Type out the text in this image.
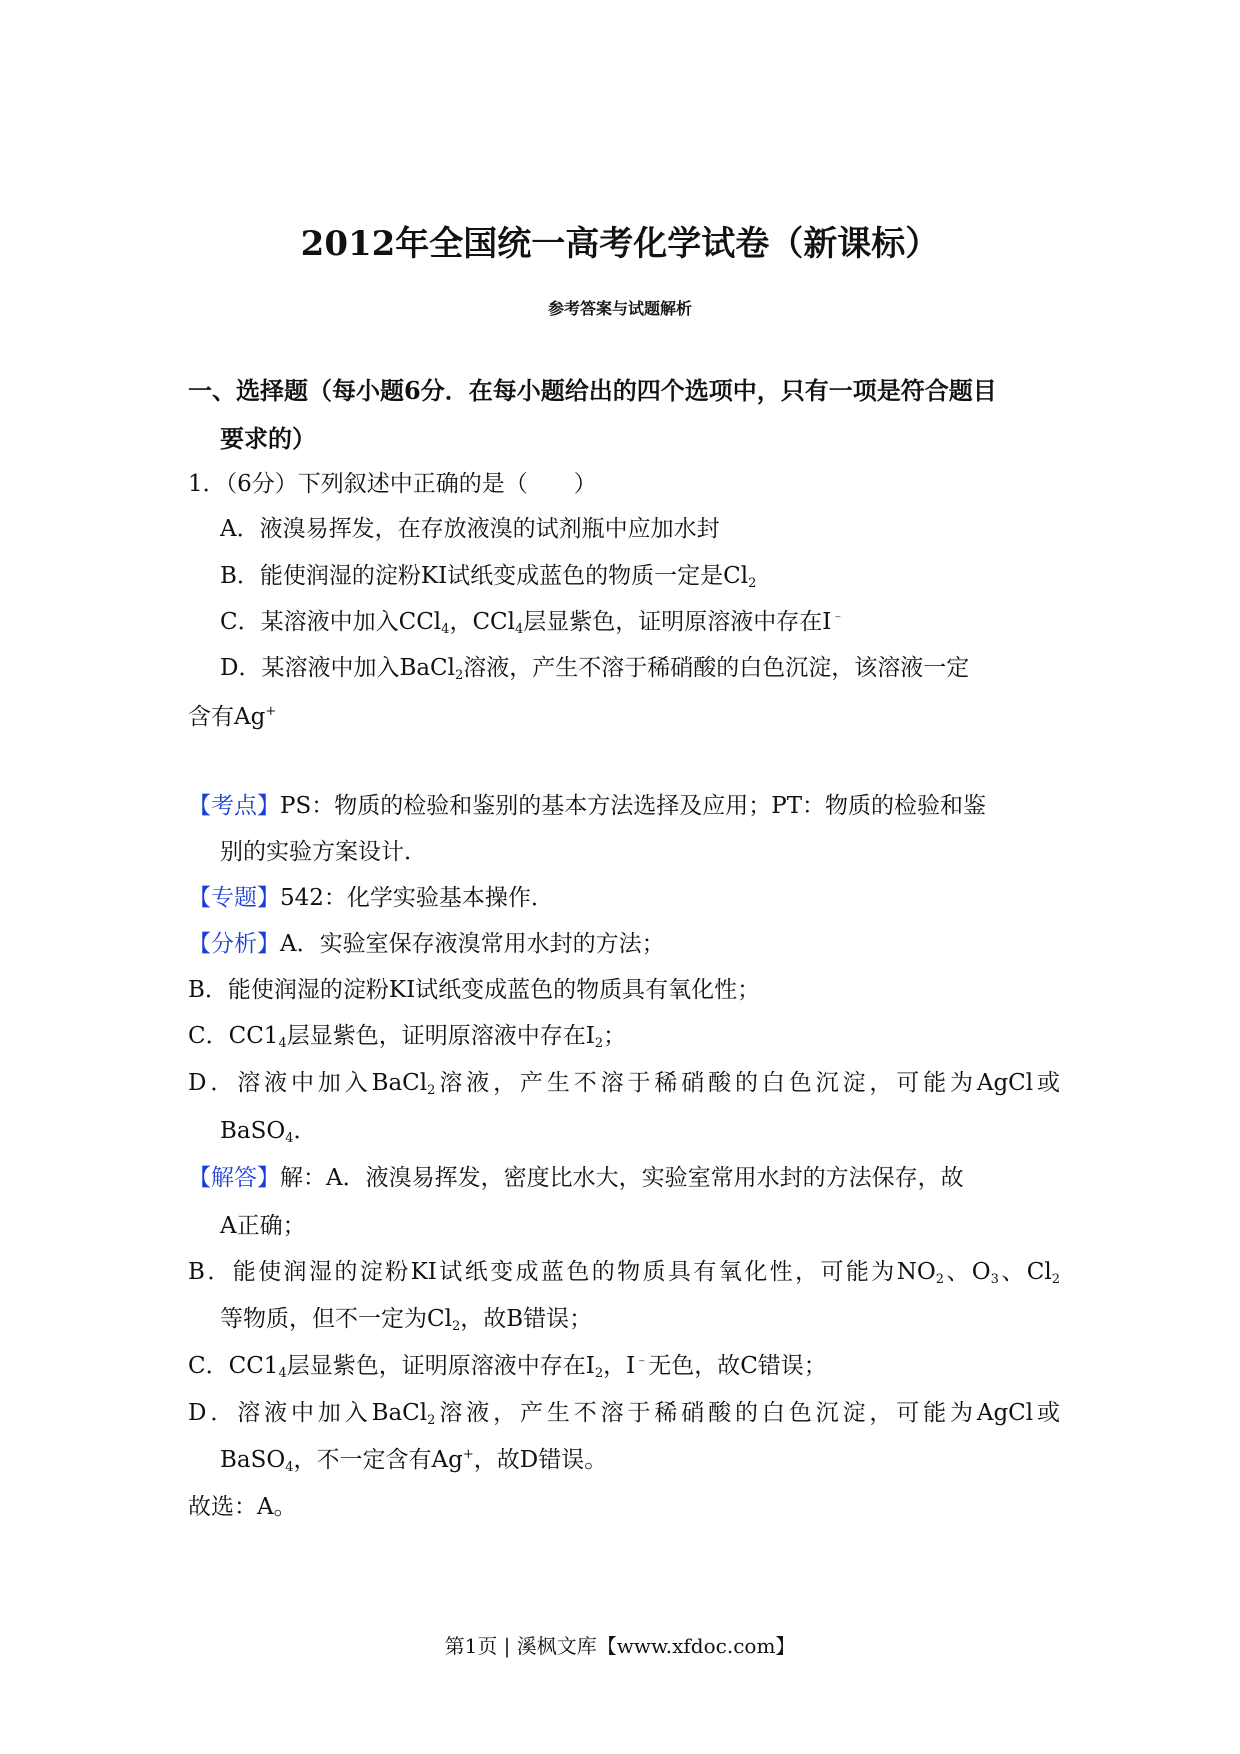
2012年全国统一高考化学试卷（新课标）
参考答案与试题解析
一、选择题（每小题6分．在每小题给出的四个选项中，只有一项是符合题目
要求的）
1．（6分）下列叙述中正确的是（　　）
A．液溴易挥发，在存放液溴的试剂瓶中应加水封
B．能使润湿的淀粉KI试纸变成蓝色的物质一定是$Cl_2$
C．某溶液中加入CCl$_4$，CCl$_4$层显紫色，证明原溶液中存在I﹣
D．某溶液中加入BaCl$_2$溶液，产生不溶于稀硝酸的白色沉淀，该溶液一定
含有Ag+
【考点】PS：物质的检验和鉴别的基本方法选择及应用；PT：物质的检验和鉴
别的实验方案设计．
【专题】542：化学实验基本操作．
【分析】A．实验室保存液溴常用水封的方法；
B．能使润湿的淀粉KI试纸变成蓝色的物质具有氧化性；
C．$CC1_4$层显紫色，证明原溶液中存在$I_2$；
D．溶液中加入BaCl$_2$溶液，产生不溶于稀硝酸的白色沉淀，可能为AgCl或
BaSO$_4$．
【解答】解：A．液溴易挥发，密度比水大，实验室常用水封的方法保存，故
A正确；
B．能使润湿的淀粉KI试纸变成蓝色的物质具有氧化性，可能为$NO_2$、$O_3$、$Cl_2$
等物质，但不一定为$Cl_2$，故B错误；
C．$CC1_4$层显紫色，证明原溶液中存在$I_2$，I﹣无色，故C错误；
D．溶液中加入BaCl$_2$溶液，产生不溶于稀硝酸的白色沉淀，可能为AgCl或
BaSO$_4$，不一定含有Ag+，故D错误。
故选：A。
第1页 | 溪枫文库【www.xfdoc.com】
